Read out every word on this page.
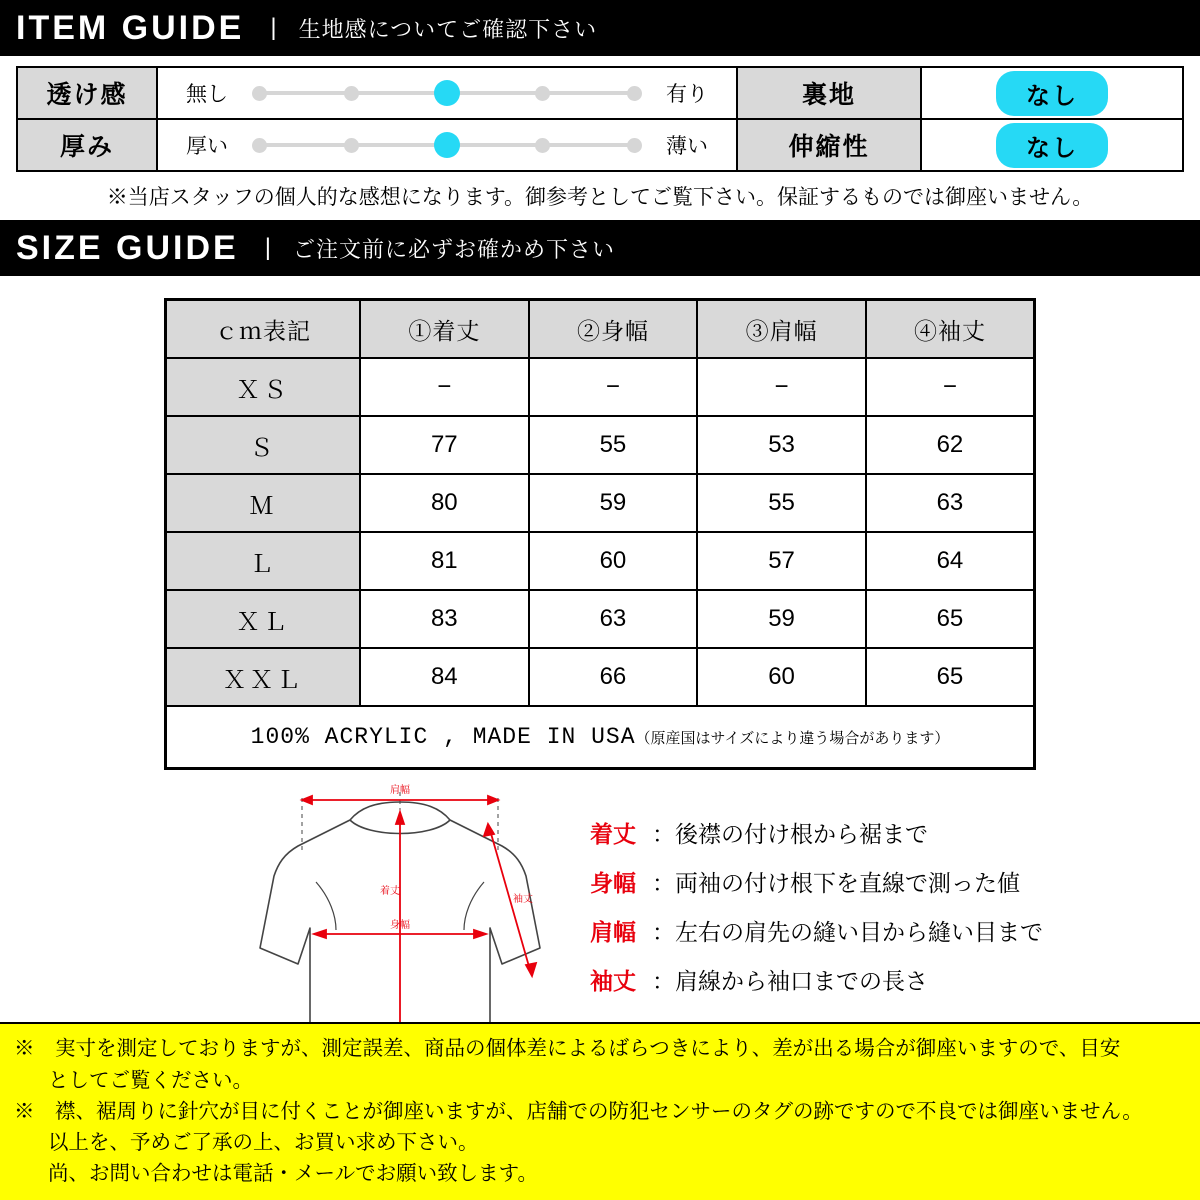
ITEM GUIDE | 生地感についてご確認下さい
透け感	無し 有り	裏地	なし
厚み	厚い 薄い	伸縮性	なし
※当店スタッフの個人的な感想になります。御参考としてご覧下さい。保証するものでは御座いません。
SIZE GUIDE | ご注文前に必ずお確かめ下さい
ｃｍ表記	①着丈	②身幅	③肩幅	④袖丈
ＸＳ	−	−	−	−
Ｓ	77	55	53	62
Ｍ	80	59	55	63
Ｌ	81	60	57	64
ＸＬ	83	63	59	65
ＸＸＬ	84	66	60	65
100% ACRYLIC , MADE IN USA（原産国はサイズにより違う場合があります）				
肩幅
着丈
身幅
袖丈
着丈 ：後襟の付け根から裾まで
身幅 ：両袖の付け根下を直線で測った値
肩幅 ：左右の肩先の縫い目から縫い目まで
袖丈 ：肩線から袖口までの長さ

※　実寸を測定しておりますが、測定誤差、商品の個体差によるばらつきにより、差が出る場合が御座いますので、目安

としてご覧ください。

※　襟、裾周りに針穴が目に付くことが御座いますが、店舗での防犯センサーのタグの跡ですので不良では御座いません。

以上を、予めご了承の上、お買い求め下さい。

尚、お問い合わせは電話・メールでお願い致します。
